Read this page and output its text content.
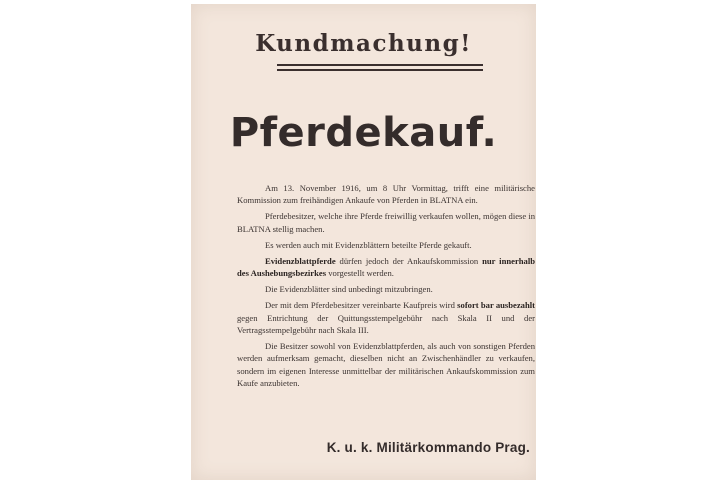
Kundmachung!
Pferdekauf.

Am 13. November 1916, um 8 Uhr Vormittag, trifft eine militärische Kommission zum freihändigen Ankaufe von Pferden in BLATNA ein.

Pferdebesitzer, welche ihre Pferde freiwillig verkaufen wollen, mögen diese in BLATNA stellig machen.

Es werden auch mit Evidenzblättern beteilte Pferde gekauft.

Evidenzblattpferde dürfen jedoch der Ankaufskommission nur innerhalb des Aushebungsbezirkes vorgestellt werden.

Die Evidenzblätter sind unbedingt mitzubringen.

Der mit dem Pferdebesitzer vereinbarte Kaufpreis wird sofort bar ausbezahlt gegen Entrichtung der Quittungsstempelgebühr nach Skala II und der Vertragsstempelgebühr nach Skala III.

Die Besitzer sowohl von Evidenzblattpferden, als auch von sonstigen Pferden werden aufmerksam gemacht, dieselben nicht an Zwischenhändler zu verkaufen, sondern im eigenen Interesse unmittelbar der militärischen Ankaufskommission zum Kaufe anzubieten.

K. u. k. Militärkommando Prag.
